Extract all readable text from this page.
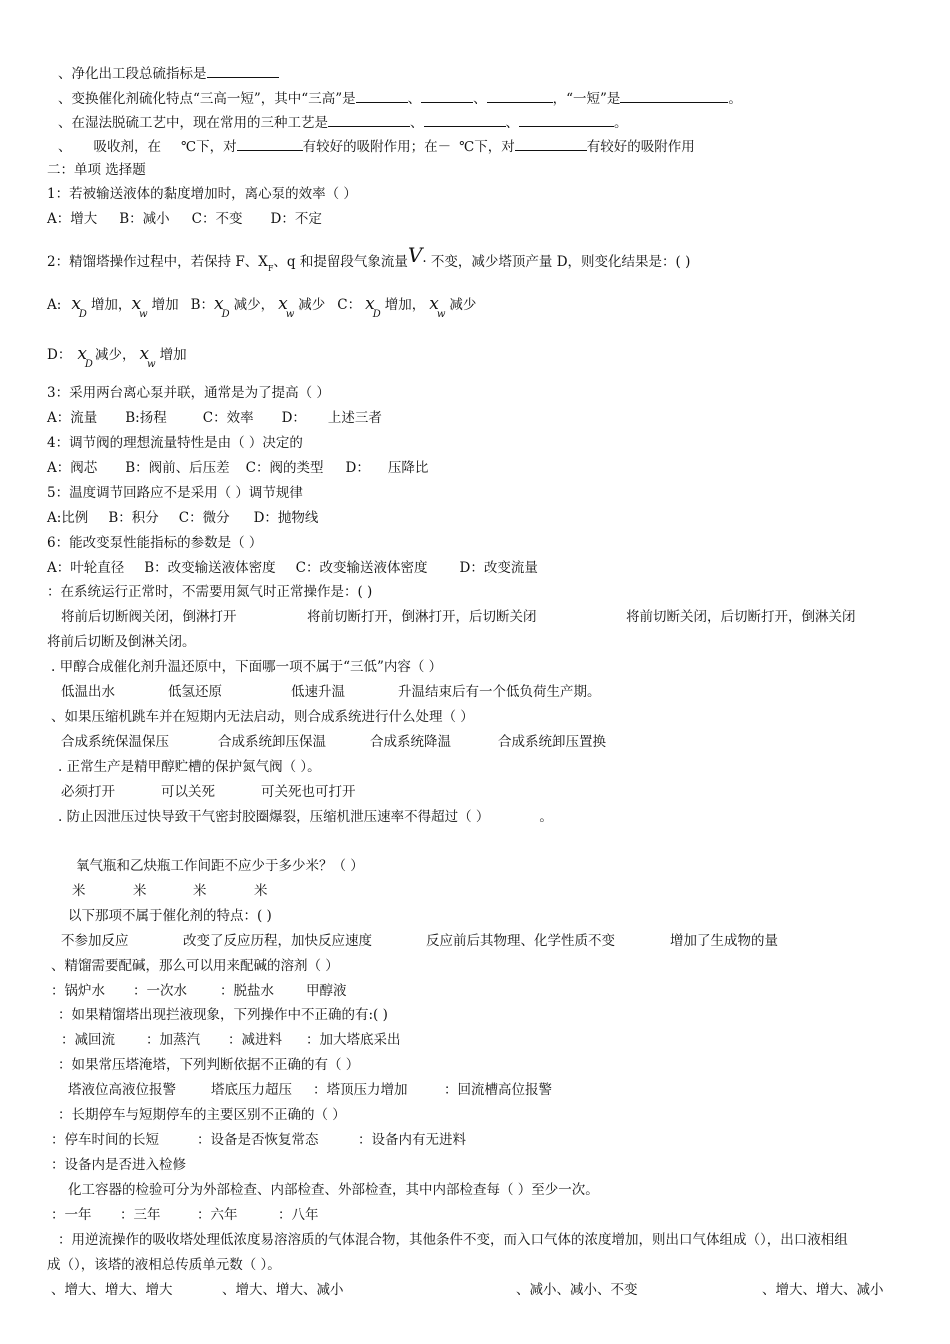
、净化出工段总硫指标是
、变换催化剂硫化特点“三高一短”，其中“三高”是	、	、	，“一短”是	。
、在湿法脱硫工艺中，现在常用的三种工艺是	、	、	。
、 吸收剂，在 ℃下，对	有较好的吸附作用；在－ ℃下，对	有较好的吸附作用
二：单项 选择题
1：若被输送液体的黏度增加时，离心泵的效率（ ）
A：增大 B：减小 C：不变 D：不定
2：精馏塔操作过程中，若保持 F、$X_F$、q 和提留段气象流量V· 不变，减少塔顶产量 D，则变化结果是：( )
A: $x_D$增加，$x_w$增加 B：$x_D$减少， $x_w$减少 C： $x_D$增加， $x_w$减少
D： $x_D$减少， $x_w$增加
3：采用两台离心泵并联，通常是为了提高（ ）
A：流量 B:扬程	C：效率 D： 上述三者
4：调节阀的理想流量特性是由（ ）决定的
A：阀芯 B：阀前、后压差 C：阀的类型 D： 压降比
5：温度调节回路应不是采用（ ）调节规律
A:比例 B：积分 C：微分 D：抛物线
6：能改变泵性能指标的参数是（ ）
A：叶轮直径 B：改变输送液体密度 C：改变输送液体密度 D：改变流量
：在系统运行正常时，不需要用氮气时正常操作是：( )
将前后切断阀关闭，倒淋打开	将前切断打开，倒淋打开，后切断关闭	将前切断关闭，后切断打开，倒淋关闭
将前后切断及倒淋关闭。
. 甲醇合成催化剂升温还原中，下面哪一项不属于“三低”内容（ ）
低温出水	低氢还原	低速升温	升温结束后有一个低负荷生产期。
、如果压缩机跳车并在短期内无法启动，则合成系统进行什么处理（ ）
合成系统保温保压	合成系统卸压保温	合成系统降温	合成系统卸压置换
. 正常生产是精甲醇贮槽的保护氮气阀（ ）。
必须打开	可以关死	可关死也可打开
. 防止因泄压过快导致干气密封胶圈爆裂，压缩机泄压速率不得超过（ ）	。
氧气瓶和乙炔瓶工作间距不应少于多少米？（ ）
米	米	米	米
以下那项不属于催化剂的特点：( )
不参加反应	改变了反应历程，加快反应速度	反应前后其物理、化学性质不变	增加了生成物的量
、精馏需要配碱，那么可以用来配碱的溶剂（ ）
：锅炉水 ：一次水 ：脱盐水 甲醇液
：如果精馏塔出现拦液现象，下列操作中不正确的有:( )
：减回流 ：加蒸汽 ：减进料 ：加大塔底采出
：如果常压塔淹塔，下列判断依据不正确的有（ ）
塔液位高液位报警	塔底压力超压 ：塔顶压力增加	：回流槽高位报警
：长期停车与短期停车的主要区别不正确的（ ）
：停车时间的长短	：设备是否恢复常态	：设备内有无进料
：设备内是否进入检修
化工容器的检验可分为外部检查、内部检查、外部检查，其中内部检查每（ ）至少一次。
：一年 ：三年	：六年	：八年
：用逆流操作的吸收塔处理低浓度易溶溶质的气体混合物，其他条件不变，而入口气体的浓度增加，则出口气体组成（），出口液相组
成（），该塔的液相总传质单元数（ ）。
、增大、增大、增大	、增大、增大、减小	、减小、减小、不变	、增大、增大、减小
